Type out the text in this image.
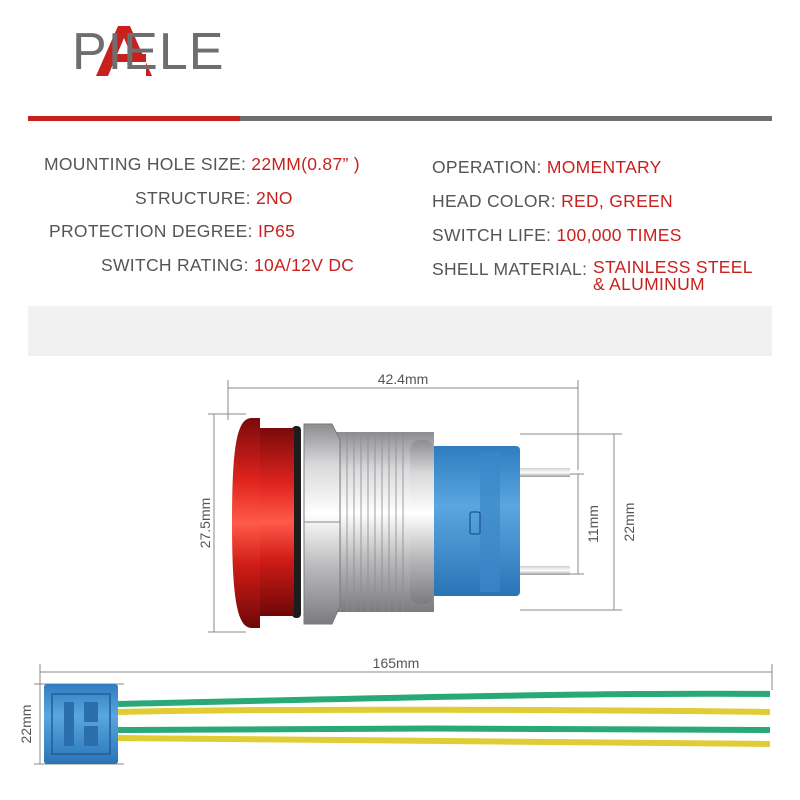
PIELE
MOUNTING HOLE SIZE: 22MM(0.87” )
STRUCTURE: 2NO
PROTECTION DEGREE: IP65
SWITCH RATING: 10A/12V DC
OPERATION: MOMENTARY
HEAD COLOR: RED, GREEN
SWITCH LIFE: 100,000 TIMES
SHELL MATERIAL: STAINLESS STEEL
& ALUMINUM
42.4mm
27.5mm	11mm 22mm
165mm
22mm
